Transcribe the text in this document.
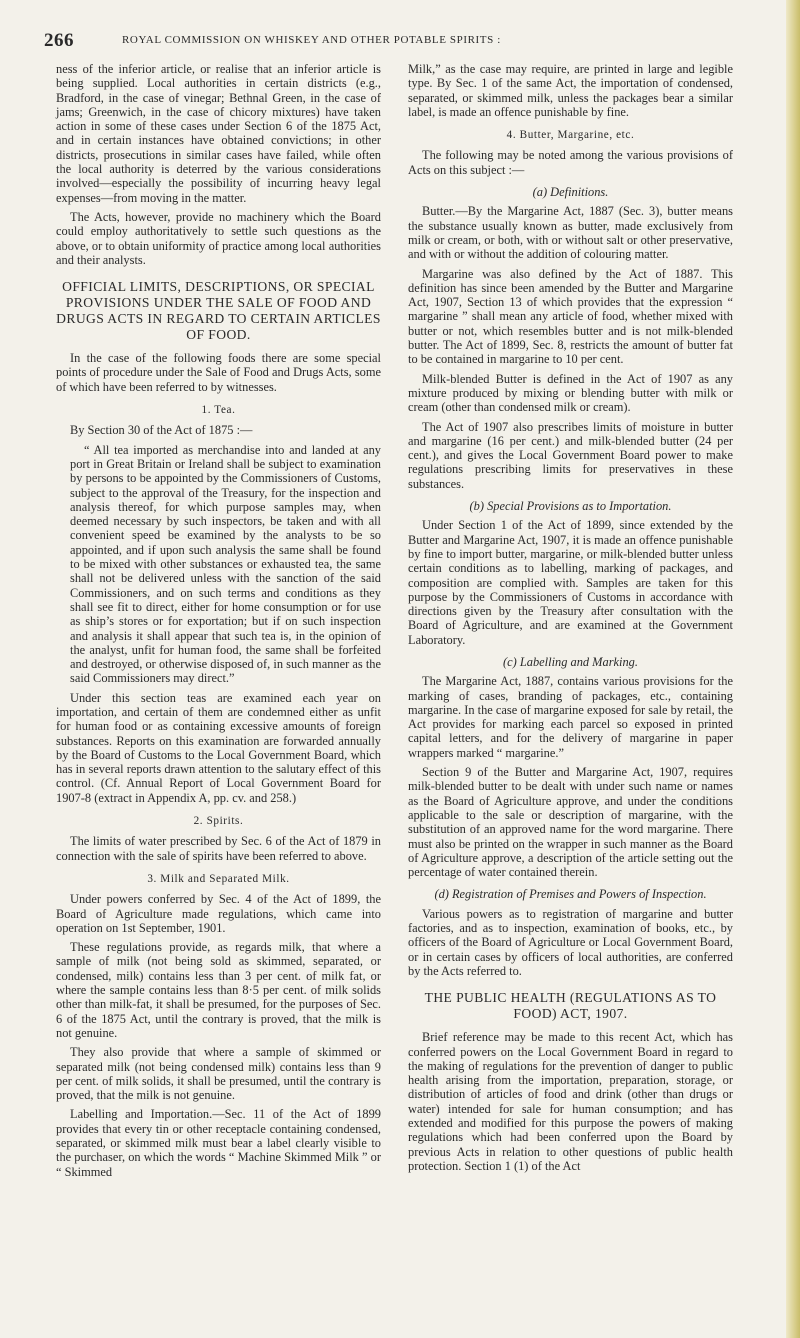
266	ROYAL COMMISSION ON WHISKEY AND OTHER POTABLE SPIRITS :

ness of the inferior article, or realise that an inferior article is being supplied. Local authorities in certain districts (e.g., Bradford, in the case of vinegar; Bethnal Green, in the case of jams; Greenwich, in the case of chicory mixtures) have taken action in some of these cases under Section 6 of the 1875 Act, and in certain instances have obtained convictions; in other districts, prosecutions in similar cases have failed, while often the local authority is deterred by the various considerations involved—especially the possibility of incurring heavy legal expenses—from moving in the matter.

The Acts, however, provide no machinery which the Board could employ authoritatively to settle such questions as the above, or to obtain uniformity of practice among local authorities and their analysts.

OFFICIAL LIMITS, DESCRIPTIONS, OR SPECIAL PROVISIONS UNDER THE SALE OF FOOD AND DRUGS ACTS IN REGARD TO CERTAIN ARTICLES OF FOOD.

In the case of the following foods there are some special points of procedure under the Sale of Food and Drugs Acts, some of which have been referred to by witnesses.

1. Tea.

By Section 30 of the Act of 1875 :—

“ All tea imported as merchandise into and landed at any port in Great Britain or Ireland shall be subject to examination by persons to be appointed by the Commissioners of Customs, subject to the approval of the Treasury, for the inspection and analysis thereof, for which purpose samples may, when deemed necessary by such inspectors, be taken and with all convenient speed be examined by the analysts to be so appointed, and if upon such analysis the same shall be found to be mixed with other substances or exhausted tea, the same shall not be delivered unless with the sanction of the said Commissioners, and on such terms and conditions as they shall see fit to direct, either for home consumption or for use as ship’s stores or for exportation; but if on such inspection and analysis it shall appear that such tea is, in the opinion of the analyst, unfit for human food, the same shall be forfeited and destroyed, or otherwise disposed of, in such manner as the said Commissioners may direct.”

Under this section teas are examined each year on importation, and certain of them are condemned either as unfit for human food or as containing excessive amounts of foreign substances. Reports on this examination are forwarded annually by the Board of Customs to the Local Government Board, which has in several reports drawn attention to the salutary effect of this control. (Cf. Annual Report of Local Government Board for 1907-8 (extract in Appendix A, pp. cv. and 258.)

2. Spirits.

The limits of water prescribed by Sec. 6 of the Act of 1879 in connection with the sale of spirits have been referred to above.

3. Milk and Separated Milk.

Under powers conferred by Sec. 4 of the Act of 1899, the Board of Agriculture made regulations, which came into operation on 1st September, 1901.

These regulations provide, as regards milk, that where a sample of milk (not being sold as skimmed, separated, or condensed, milk) contains less than 3 per cent. of milk fat, or where the sample contains less than 8·5 per cent. of milk solids other than milk-fat, it shall be presumed, for the purposes of Sec. 6 of the 1875 Act, until the contrary is proved, that the milk is not genuine.

They also provide that where a sample of skimmed or separated milk (not being condensed milk) contains less than 9 per cent. of milk solids, it shall be presumed, until the contrary is proved, that the milk is not genuine.

Labelling and Importation.—Sec. 11 of the Act of 1899 provides that every tin or other receptacle containing condensed, separated, or skimmed milk must bear a label clearly visible to the purchaser, on which the words “ Machine Skimmed Milk ” or “ Skimmed

Milk,” as the case may require, are printed in large and legible type. By Sec. 1 of the same Act, the importation of condensed, separated, or skimmed milk, unless the packages bear a similar label, is made an offence punishable by fine.

4. Butter, Margarine, etc.

The following may be noted among the various provisions of Acts on this subject :—

(a) Definitions.

Butter.—By the Margarine Act, 1887 (Sec. 3), butter means the substance usually known as butter, made exclusively from milk or cream, or both, with or without salt or other preservative, and with or without the addition of colouring matter.

Margarine was also defined by the Act of 1887. This definition has since been amended by the Butter and Margarine Act, 1907, Section 13 of which provides that the expression “ margarine ” shall mean any article of food, whether mixed with butter or not, which resembles butter and is not milk-blended butter. The Act of 1899, Sec. 8, restricts the amount of butter fat to be contained in margarine to 10 per cent.

Milk-blended Butter is defined in the Act of 1907 as any mixture produced by mixing or blending butter with milk or cream (other than condensed milk or cream).

The Act of 1907 also prescribes limits of moisture in butter and margarine (16 per cent.) and milk-blended butter (24 per cent.), and gives the Local Government Board power to make regulations prescribing limits for preservatives in these substances.

(b) Special Provisions as to Importation.

Under Section 1 of the Act of 1899, since extended by the Butter and Margarine Act, 1907, it is made an offence punishable by fine to import butter, margarine, or milk-blended butter unless certain conditions as to labelling, marking of packages, and composition are complied with. Samples are taken for this purpose by the Commissioners of Customs in accordance with directions given by the Treasury after consultation with the Board of Agriculture, and are examined at the Government Laboratory.

(c) Labelling and Marking.

The Margarine Act, 1887, contains various provisions for the marking of cases, branding of packages, etc., containing margarine. In the case of margarine exposed for sale by retail, the Act provides for marking each parcel so exposed in printed capital letters, and for the delivery of margarine in paper wrappers marked “ margarine.”

Section 9 of the Butter and Margarine Act, 1907, requires milk-blended butter to be dealt with under such name or names as the Board of Agriculture approve, and under the conditions applicable to the sale or description of margarine, with the substitution of an approved name for the word margarine. There must also be printed on the wrapper in such manner as the Board of Agriculture approve, a description of the article setting out the percentage of water contained therein.

(d) Registration of Premises and Powers of Inspection.

Various powers as to registration of margarine and butter factories, and as to inspection, examination of books, etc., by officers of the Board of Agriculture or Local Government Board, or in certain cases by officers of local authorities, are conferred by the Acts referred to.

THE PUBLIC HEALTH (REGULATIONS AS TO FOOD) ACT, 1907.

Brief reference may be made to this recent Act, which has conferred powers on the Local Government Board in regard to the making of regulations for the prevention of danger to public health arising from the importation, preparation, storage, or distribution of articles of food and drink (other than drugs or water) intended for sale for human consumption; and has extended and modified for this purpose the powers of making regulations which had been conferred upon the Board by previous Acts in relation to other questions of public health protection. Section 1 (1) of the Act
